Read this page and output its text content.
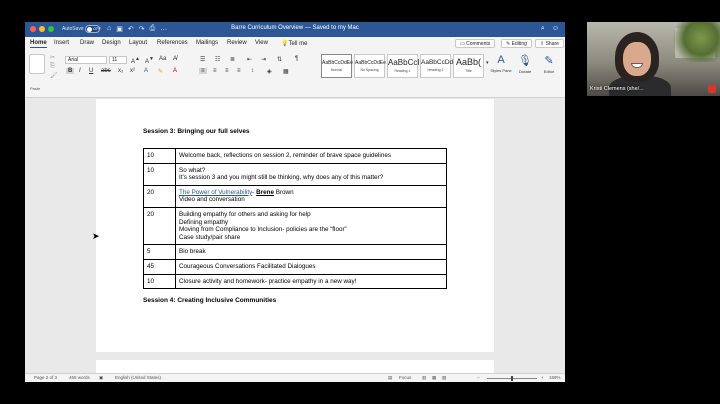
AutoSave OFF ⌂ ▣ ↶ ↷ ⎙ …	Barre Curriculum Overview — Saved to my Mac	⌕ ☺
Home Insert Draw Design Layout References Mailings Review View 💡Tell me	▭ Comments	✎ Editing	⇧ Share
Paste
✂
⎘
🖌
Arial	11	A▲ A▼ Aa A̸
B	I U abc x₂ x² A ✎ A
☰ ☷ ≣ ⇤ ⇥ ⇅ ¶
≡	≡ ≡ ≡ ↕ ◈ ▦
AaBbCcDdEe
Normal
AaBbCcDdEe
No Spacing
AaBbCcI
Heading 1
AaBbCcDd
Heading 2
AaBb(
Title
▾ A
Styles Pane
🎙
Dictate
✎
Editor
Session 3: Bringing our full selves
10	Welcome back, reflections on session 2, reminder of brave space guidelines

10	So what?
It's session 3 and you might still be thinking, why does any of this matter?

20	The Power of Vulnerability- Brene Brown
Video and conversation

20	Building empathy for others and asking for help
Defining empathy
Moving from Compliance to Inclusion- policies are the “floor”
Case study/pair share

5	Bio break

45	Courageous Conversations Facilitated Dialogues

10	Closure activity and homework- practice empathy in a new way!
Session 4: Creating Inclusive Communities
➤
Page 2 of 3	465 words ▣	English (United States)	▤ Focus ▥ ▦ ▧	−	+ 159%
Kristi Clemens (she/...
